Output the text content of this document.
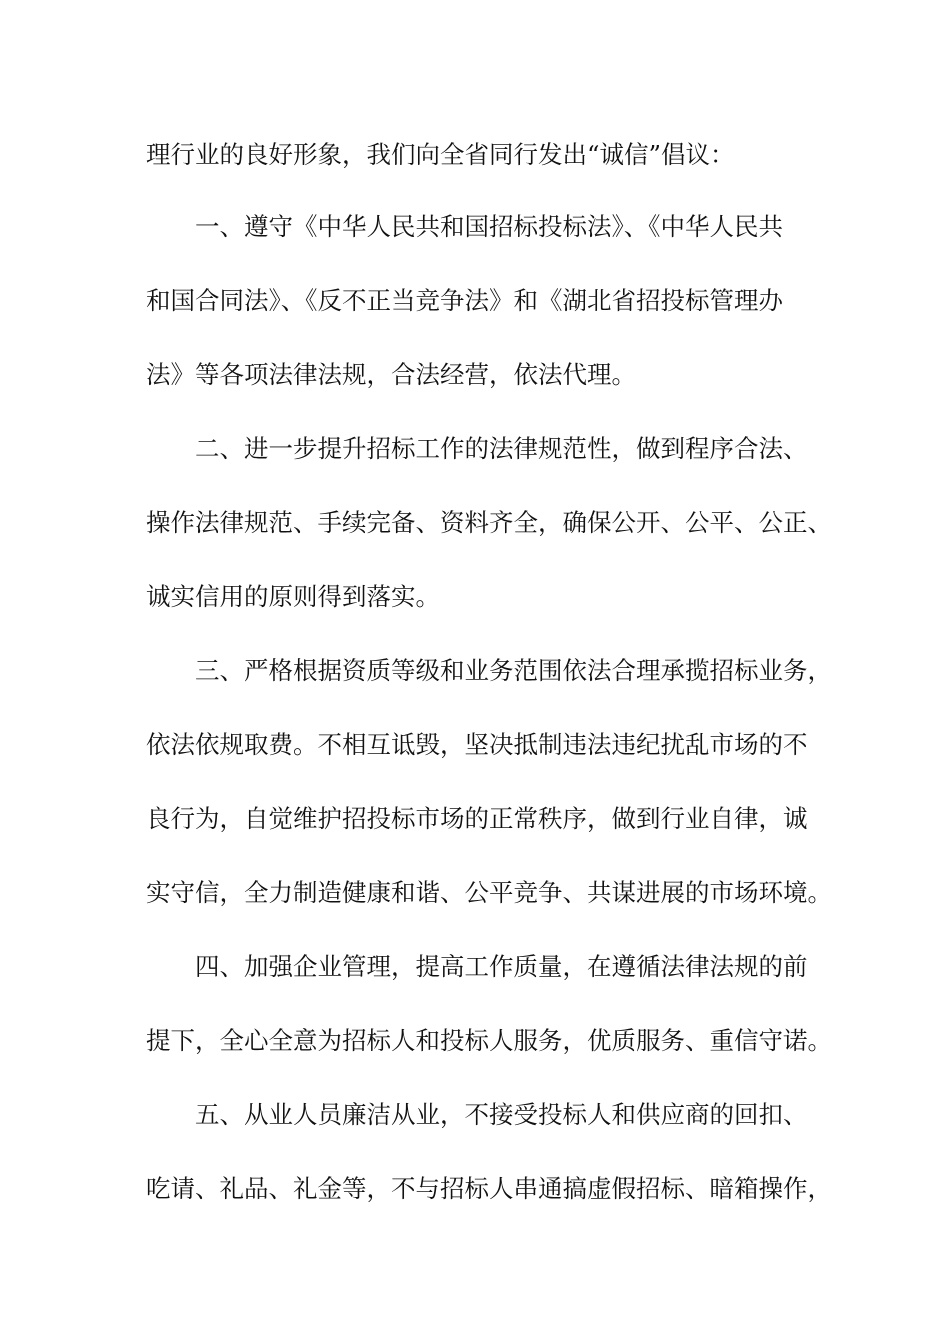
理行业的良好形象，我们向全省同行发出“诚信”倡议：

一、遵守《中华人民共和国招标投标法》、《中华人民共

和国合同法》、《反不正当竞争法》和《湖北省招投标管理办

法》等各项法律法规，合法经营，依法代理。

二、进一步提升招标工作的法律规范性，做到程序合法、

操作法律规范、手续完备、资料齐全，确保公开、公平、公正、

诚实信用的原则得到落实。

三、严格根据资质等级和业务范围依法合理承揽招标业务，

依法依规取费。不相互诋毁，坚决抵制违法违纪扰乱市场的不

良行为，自觉维护招投标市场的正常秩序，做到行业自律，诚

实守信，全力制造健康和谐、公平竞争、共谋进展的市场环境。

四、加强企业管理，提高工作质量，在遵循法律法规的前

提下，全心全意为招标人和投标人服务，优质服务、重信守诺。

五、从业人员廉洁从业，不接受投标人和供应商的回扣、

吃请、礼品、礼金等，不与招标人串通搞虚假招标、暗箱操作，
